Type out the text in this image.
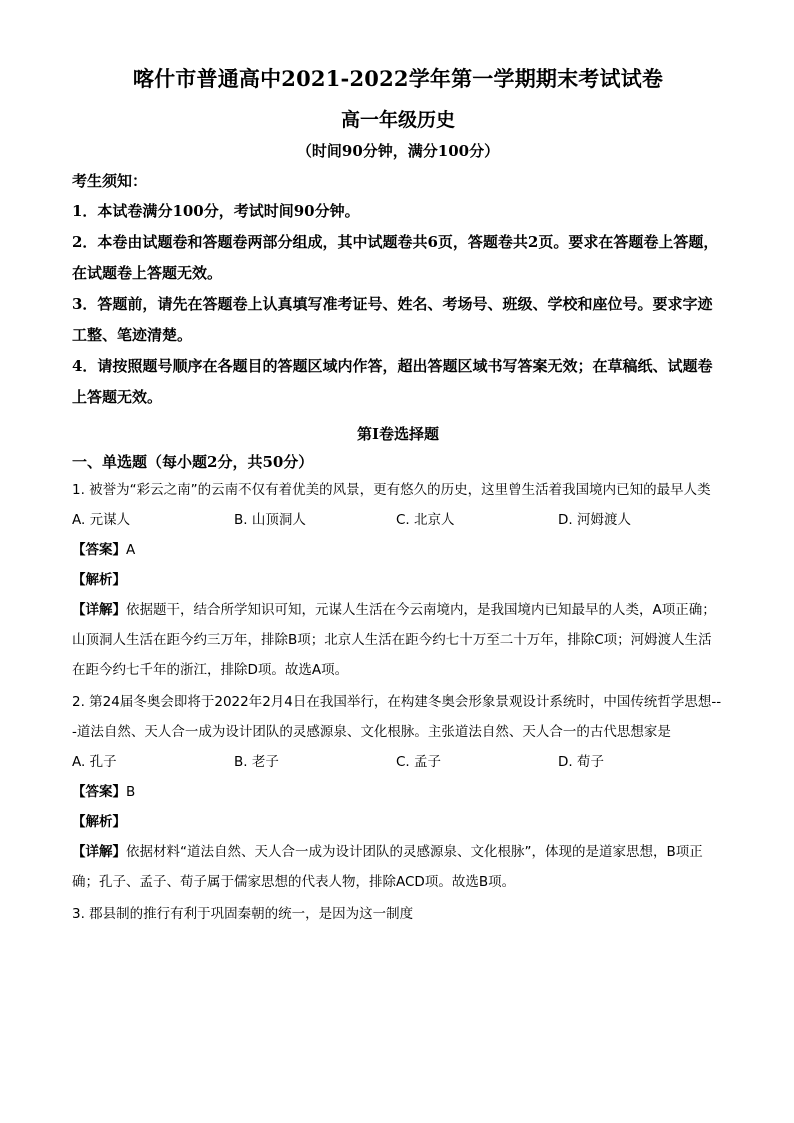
喀什市普通高中2021-2022学年第一学期期末考试试卷
高一年级历史

（时间90分钟，满分100分）

考生须知：

1．本试卷满分100分，考试时间90分钟。

2．本卷由试题卷和答题卷两部分组成，其中试题卷共6页，答题卷共2页。要求在答题卷上答题，在试题卷上答题无效。

3．答题前，请先在答题卷上认真填写准考证号、姓名、考场号、班级、学校和座位号。要求字迹工整、笔迹清楚。

4．请按照题号顺序在各题目的答题区域内作答，超出答题区域书写答案无效；在草稿纸、试题卷上答题无效。

第Ⅰ卷选择题

一、单选题（每小题2分，共50分）

1. 被誉为“彩云之南”的云南不仅有着优美的风景，更有悠久的历史，这里曾生活着我国境内已知的最早人类

A. 元谋人	B. 山顶洞人	C. 北京人	D. 河姆渡人

【答案】A

【解析】

【详解】依据题干，结合所学知识可知，元谋人生活在今云南境内，是我国境内已知最早的人类，A项正确；山顶洞人生活在距今约三万年，排除B项；北京人生活在距今约七十万至二十万年，排除C项；河姆渡人生活在距今约七千年的浙江，排除D项。故选A项。

2. 第24届冬奥会即将于2022年2月4日在我国举行，在构建冬奥会形象景观设计系统时，中国传统哲学思想---道法自然、天人合一成为设计团队的灵感源泉、文化根脉。主张道法自然、天人合一的古代思想家是

A. 孔子	B. 老子	C. 孟子	D. 荀子

【答案】B

【解析】

【详解】依据材料“道法自然、天人合一成为设计团队的灵感源泉、文化根脉”，体现的是道家思想，B项正确；孔子、孟子、荀子属于儒家思想的代表人物，排除ACD项。故选B项。

3. 郡县制的推行有利于巩固秦朝的统一，是因为这一制度
